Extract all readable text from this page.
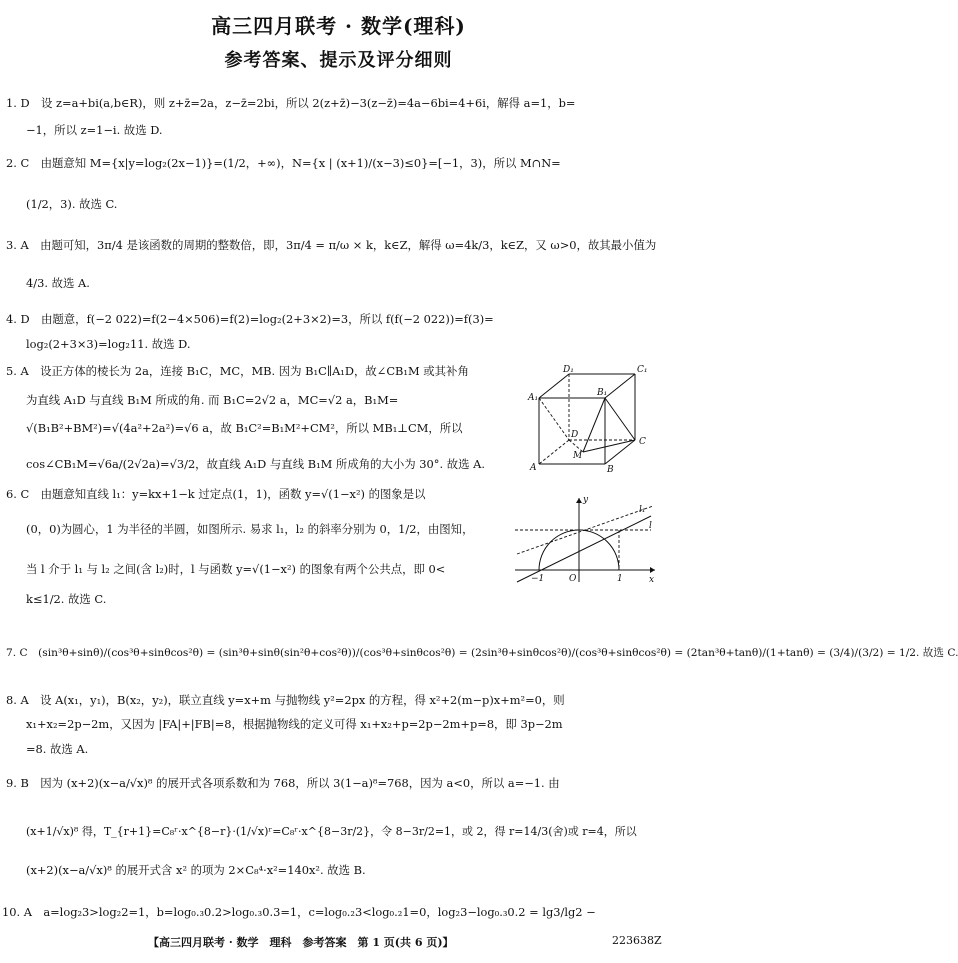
高三四月联考 · 数学(理科)
参考答案、提示及评分细则
1. D　设 z=a+bi(a,b∈R)，则 z+z̄=2a，z−z̄=2bi，所以 2(z+z̄)−3(z−z̄)=4a−6bi=4+6i，解得 a=1，b=
−1，所以 z=1−i. 故选 D.
2. C　由题意知 M={x|y=log₂(2x−1)}=(1/2，+∞)，N={x | (x+1)/(x−3)≤0}=[−1，3)，所以 M∩N=
(1/2，3). 故选 C.
3. A　由题可知，3π/4 是该函数的周期的整数倍，即，3π/4 = π/ω × k，k∈Z，解得 ω=4k/3，k∈Z，又 ω>0，故其最小值为
4/3. 故选 A.
4. D　由题意，f(−2 022)=f(2−4×506)=f(2)=log₂(2+3×2)=3，所以 f(f(−2 022))=f(3)=
log₂(2+3×3)=log₂11. 故选 D.
5. A　设正方体的棱长为 2a，连接 B₁C，MC，MB. 因为 B₁C∥A₁D，故∠CB₁M 或其补角
为直线 A₁D 与直线 B₁M 所成的角. 而 B₁C=2√2 a，MC=√2 a，B₁M=
√(B₁B²+BM²)=√(4a²+2a²)=√6 a，故 B₁C²=B₁M²+CM²，所以 MB₁⊥CM，所以
cos∠CB₁M=√6a/(2√2a)=√3/2，故直线 A₁D 与直线 B₁M 所成角的大小为 30°. 故选 A.
D₁	C₁
A₁	B₁
D
C
A
M
B
6. C　由题意知直线 l₁：y=kx+1−k 过定点(1，1)，函数 y=√(1−x²) 的图象是以
(0，0)为圆心，1 为半径的半圆，如图所示. 易求 l₁，l₂ 的斜率分别为 0，1/2，由图知，
当 l 介于 l₁ 与 l₂ 之间(含 l₂)时，l 与函数 y=√(1−x²) 的图象有两个公共点，即 0<
k≤1/2. 故选 C.
y
l₁
l
−1	O	1	x
7. C　(sin³θ+sinθ)/(cos³θ+sinθcos²θ) = (sin³θ+sinθ(sin²θ+cos²θ))/(cos³θ+sinθcos²θ) = (2sin³θ+sinθcos²θ)/(cos³θ+sinθcos²θ) = (2tan³θ+tanθ)/(1+tanθ) = (3/4)/(3/2) = 1/2. 故选 C.
8. A　设 A(x₁，y₁)，B(x₂，y₂)，联立直线 y=x+m 与抛物线 y²=2px 的方程，得 x²+2(m−p)x+m²=0，则
x₁+x₂=2p−2m，又因为 |FA|+|FB|=8，根据抛物线的定义可得 x₁+x₂+p=2p−2m+p=8，即 3p−2m
=8. 故选 A.
9. B　因为 (x+2)(x−a/√x)⁸ 的展开式各项系数和为 768，所以 3(1−a)⁸=768，因为 a<0，所以 a=−1. 由
(x+1/√x)⁸ 得，T_{r+1}=C₈ʳ·x^{8−r}·(1/√x)ʳ=C₈ʳ·x^{8−3r/2}，令 8−3r/2=1，或 2，得 r=14/3(舍)或 r=4，所以
(x+2)(x−a/√x)⁸ 的展开式含 x² 的项为 2×C₈⁴·x²=140x². 故选 B.
10. A　a=log₂3>log₂2=1，b=log₀.₃0.2>log₀.₃0.3=1，c=log₀.₂3<log₀.₂1=0，log₂3−log₀.₃0.2 = lg3/lg2 −
【高三四月联考 · 数学　理科　参考答案　第 1 页(共 6 页)】	223638Z
